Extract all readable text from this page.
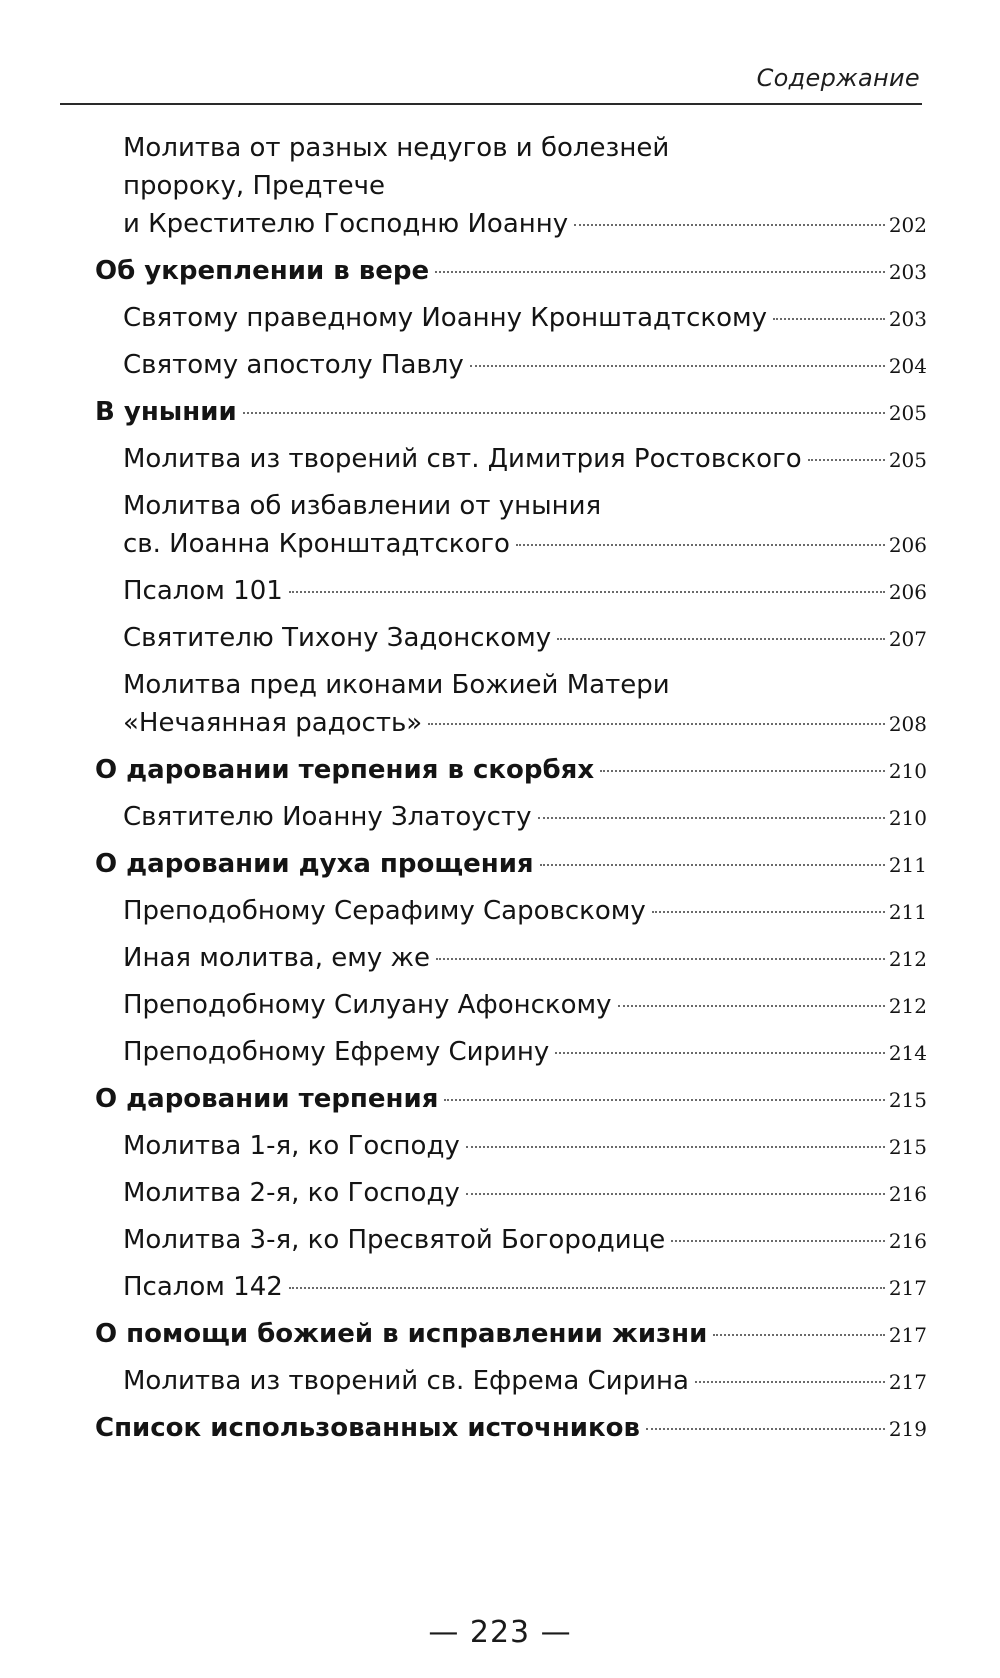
Содержание
Молитва от разных недугов и болезней
пророку, Предтече
и Крестителю Господню Иоанну	202
Об укреплении в вере	203
Святому праведному Иоанну Кронштадтскому	203
Святому апостолу Павлу	204
В унынии	205
Молитва из творений свт. Димитрия Ростовского	205
Молитва об избавлении от уныния
св. Иоанна Кронштадтского	206
Псалом 101	206
Святителю Тихону Задонскому	207
Молитва пред иконами Божией Матери
«Нечаянная радость»	208
О даровании терпения в скорбях	210
Святителю Иоанну Златоусту	210
О даровании духа прощения	211
Преподобному Серафиму Саровскому	211
Иная молитва, ему же	212
Преподобному Силуану Афонскому	212
Преподобному Ефрему Сирину	214
О даровании терпения	215
Молитва 1-я, ко Господу	215
Молитва 2-я, ко Господу	216
Молитва 3-я, ко Пресвятой Богородице	216
Псалом 142	217
О помощи божией в исправлении жизни	217
Молитва из творений св. Ефрема Сирина	217
Список использованных источников	219
— 223 —
